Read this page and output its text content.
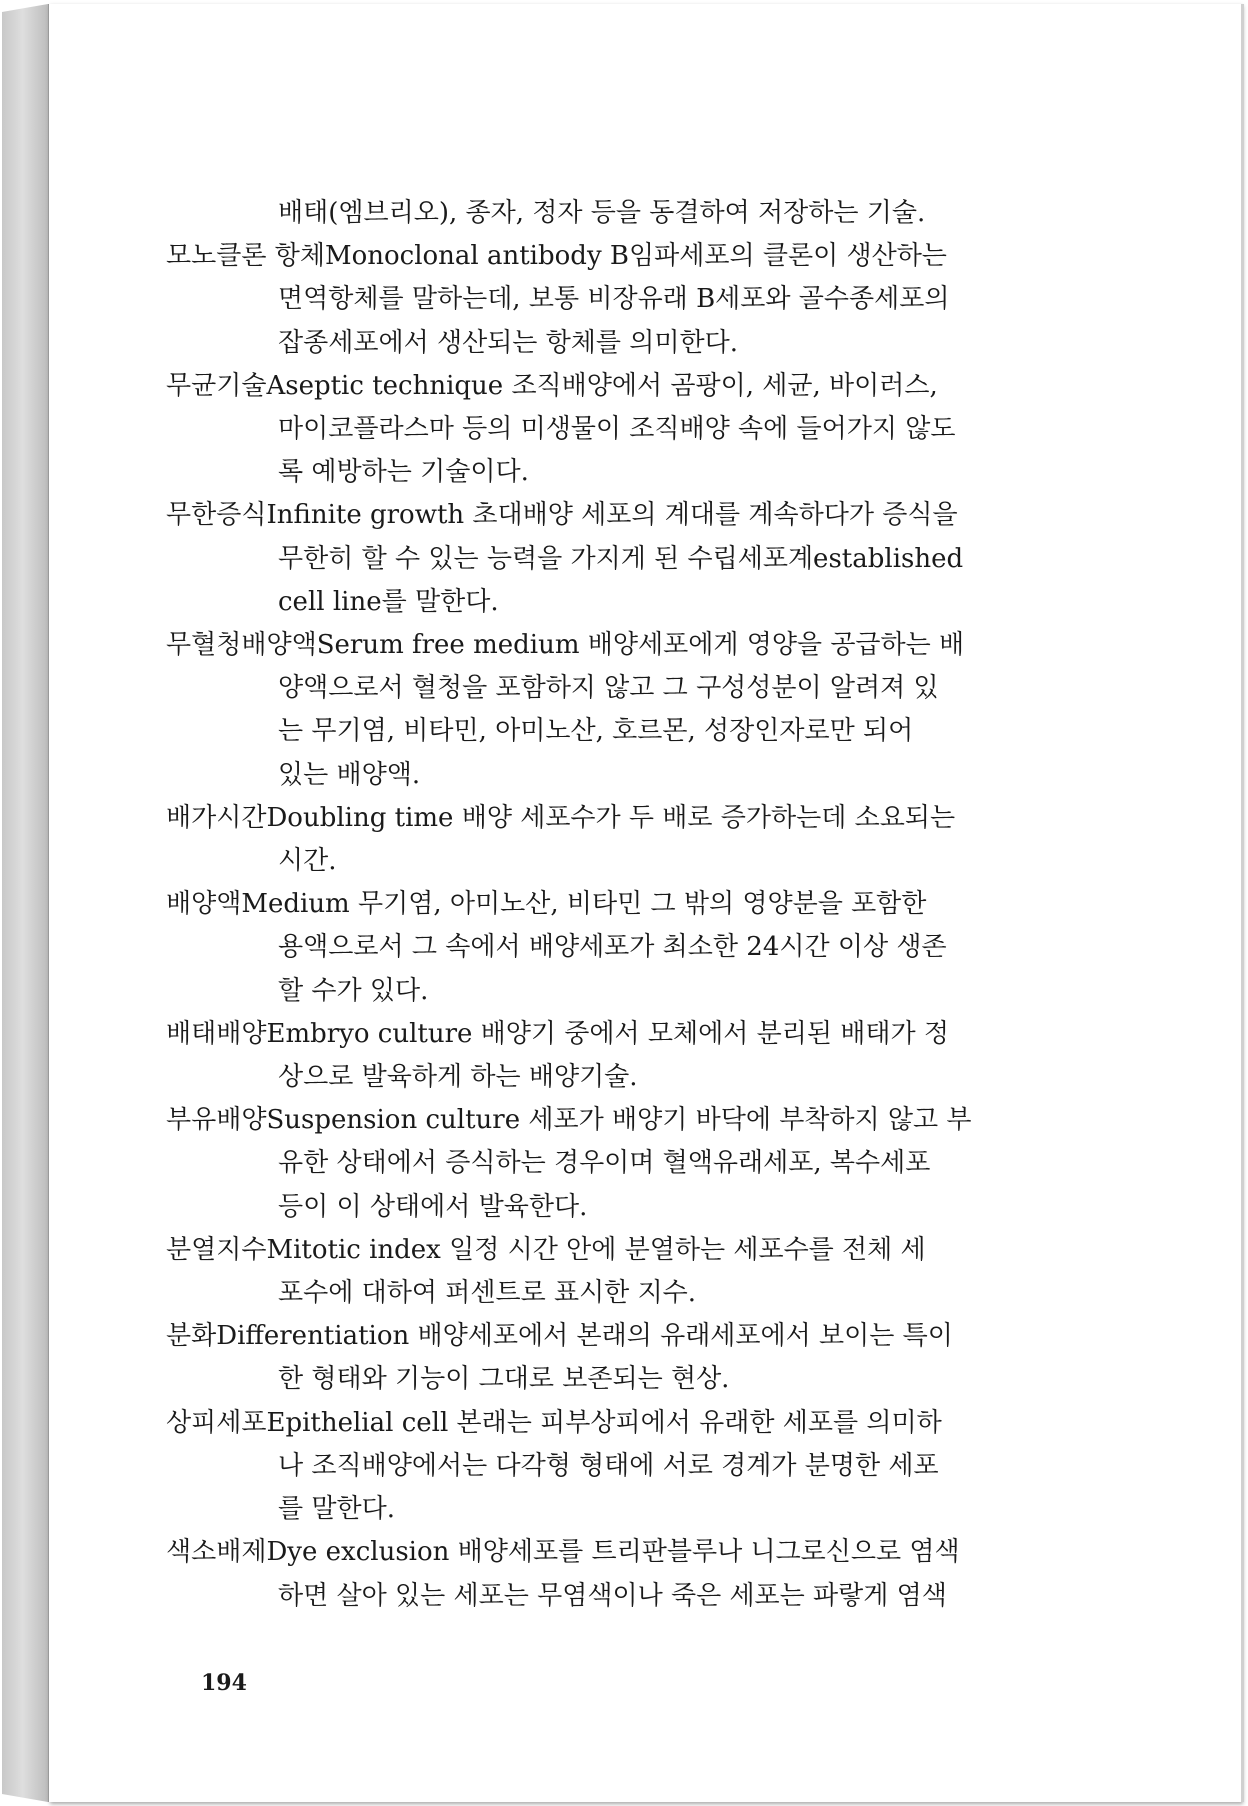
배태(엠브리오), 종자, 정자 등을 동결하여 저장하는 기술.
모노클론 항체Monoclonal antibody B임파세포의 클론이 생산하는
면역항체를 말하는데, 보통 비장유래 B세포와 골수종세포의
잡종세포에서 생산되는 항체를 의미한다.
무균기술Aseptic technique 조직배양에서 곰팡이, 세균, 바이러스,
마이코플라스마 등의 미생물이 조직배양 속에 들어가지 않도
록 예방하는 기술이다.
무한증식Infinite growth 초대배양 세포의 계대를 계속하다가 증식을
무한히 할 수 있는 능력을 가지게 된 수립세포계established
cell line를 말한다.
무혈청배양액Serum free medium 배양세포에게 영양을 공급하는 배
양액으로서 혈청을 포함하지 않고 그 구성성분이 알려져 있
는 무기염, 비타민, 아미노산, 호르몬, 성장인자로만 되어
있는 배양액.
배가시간Doubling time 배양 세포수가 두 배로 증가하는데 소요되는
시간.
배양액Medium 무기염, 아미노산, 비타민 그 밖의 영양분을 포함한
용액으로서 그 속에서 배양세포가 최소한 24시간 이상 생존
할 수가 있다.
배태배양Embryo culture 배양기 중에서 모체에서 분리된 배태가 정
상으로 발육하게 하는 배양기술.
부유배양Suspension culture 세포가 배양기 바닥에 부착하지 않고 부
유한 상태에서 증식하는 경우이며 혈액유래세포, 복수세포
등이 이 상태에서 발육한다.
분열지수Mitotic index 일정 시간 안에 분열하는 세포수를 전체 세
포수에 대하여 퍼센트로 표시한 지수.
분화Differentiation 배양세포에서 본래의 유래세포에서 보이는 특이
한 형태와 기능이 그대로 보존되는 현상.
상피세포Epithelial cell 본래는 피부상피에서 유래한 세포를 의미하
나 조직배양에서는 다각형 형태에 서로 경계가 분명한 세포
를 말한다.
색소배제Dye exclusion 배양세포를 트리판블루나 니그로신으로 염색
하면 살아 있는 세포는 무염색이나 죽은 세포는 파랗게 염색
194
